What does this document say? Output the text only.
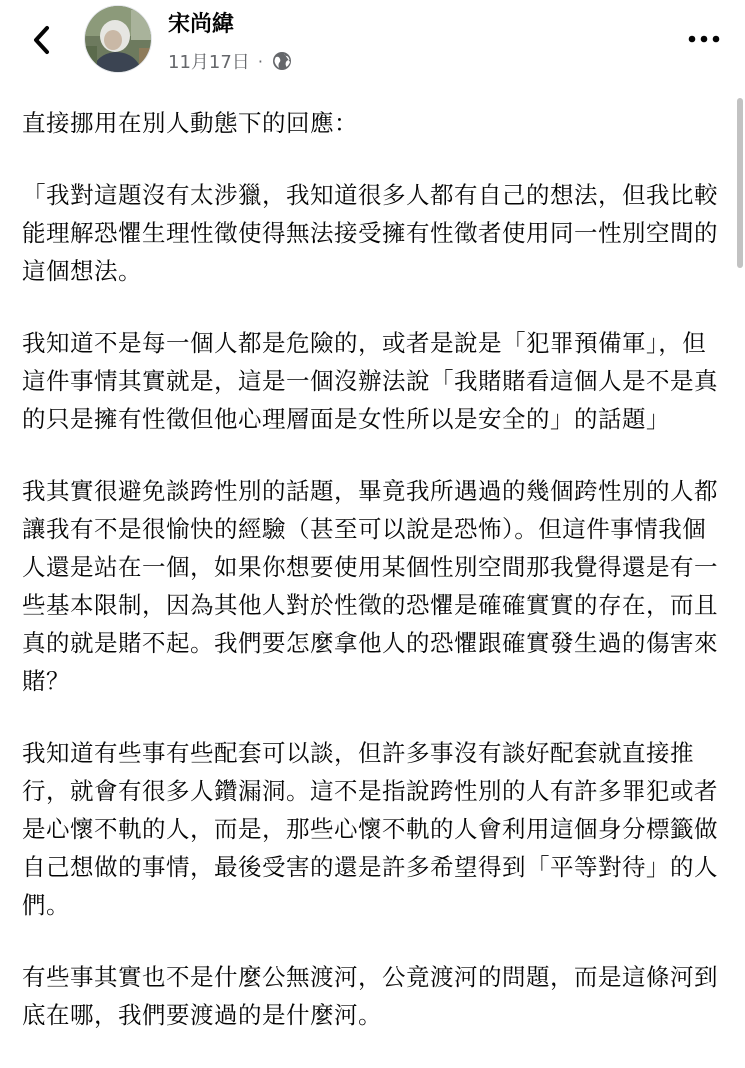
宋尚緯
11月17日 ·

直接挪用在別人動態下的回應：

「我對這題沒有太涉獵，我知道很多人都有自己的想法，但我比較能理解恐懼生理性徵使得無法接受擁有性徵者使用同一性別空間的這個想法。

我知道不是每一個人都是危險的，或者是說是「犯罪預備軍」，但這件事情其實就是，這是一個沒辦法說「我賭賭看這個人是不是真的只是擁有性徵但他心理層面是女性所以是安全的」的話題」

我其實很避免談跨性別的話題，畢竟我所遇過的幾個跨性別的人都讓我有不是很愉快的經驗（甚至可以說是恐怖）。但這件事情我個人還是站在一個，如果你想要使用某個性別空間那我覺得還是有一些基本限制，因為其他人對於性徵的恐懼是確確實實的存在，而且真的就是賭不起。我們要怎麼拿他人的恐懼跟確實發生過的傷害來賭？

我知道有些事有些配套可以談，但許多事沒有談好配套就直接推行，就會有很多人鑽漏洞。這不是指說跨性別的人有許多罪犯或者是心懷不軌的人，而是，那些心懷不軌的人會利用這個身分標籤做自己想做的事情，最後受害的還是許多希望得到「平等對待」的人們。

有些事其實也不是什麼公無渡河，公竟渡河的問題，而是這條河到底在哪，我們要渡過的是什麼河。
